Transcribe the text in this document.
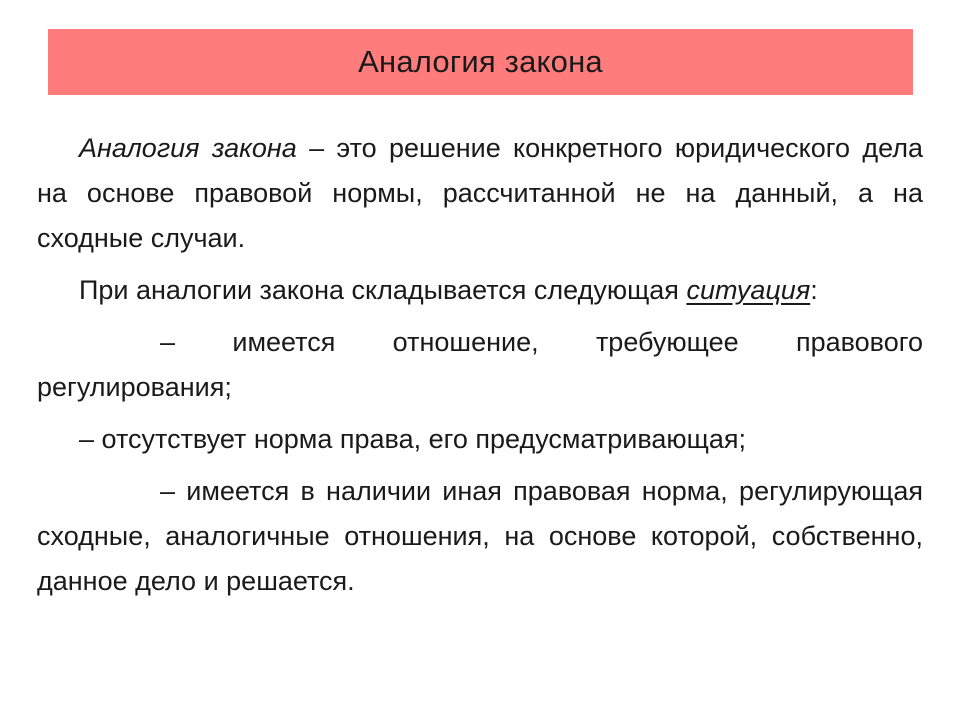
Аналогия закона

Аналогия закона – это решение конкретного юридического дела на основе правовой нормы, рассчитанной не на данный, а на сходные случаи.

При аналогии закона складывается следующая ситуация:

– имеется отношение, требующее правового регулирования;

– отсутствует норма права, его предусматривающая;

– имеется в наличии иная правовая норма, регулирующая сходные, аналогичные отношения, на основе которой, собственно, данное дело и решается.
